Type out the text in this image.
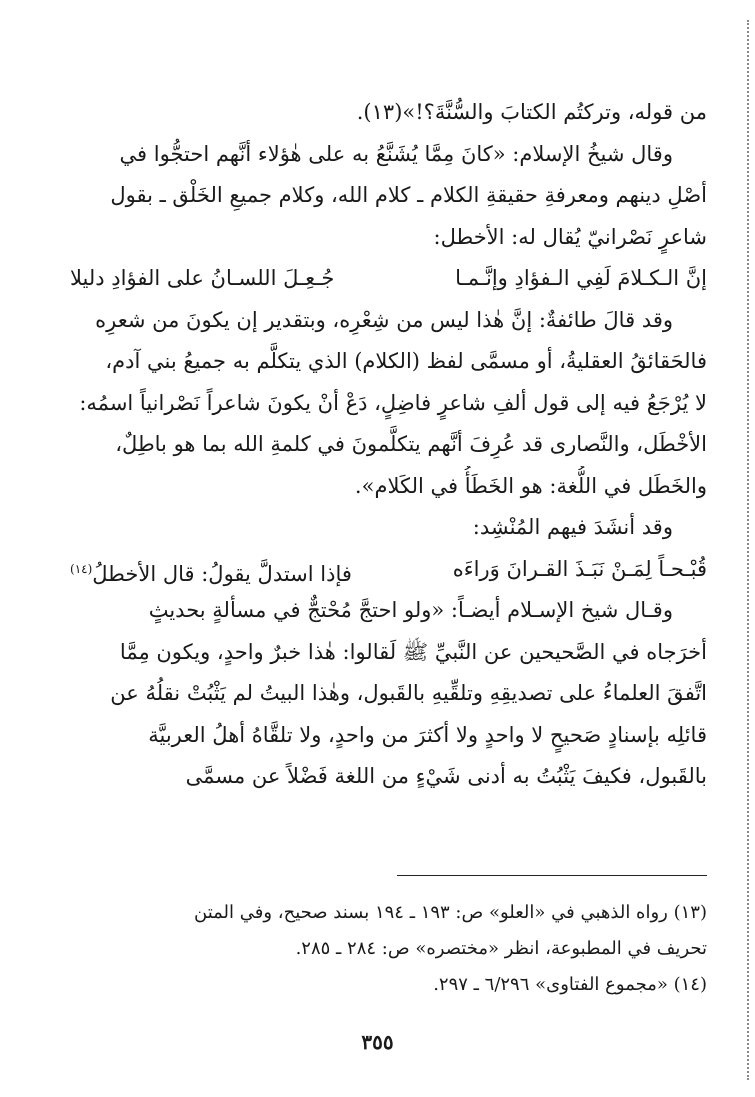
من قوله، وتركتُم الكتابَ والسُّنَّةَ؟!»(١٣).
وقال شيخُ الإسلام: «كانَ مِمَّا يُشَنَّعُ به على هٰؤلاء أنَّهم احتجُّوا في
أصْلِ دينهم ومعرفةِ حقيقةِ الكلام ـ كلام الله، وكلام جميعِ الخَلْق ـ بقول
شاعرٍ نَصْرانيّ يُقال له: الأخطل:
إنَّ الـكـلامَ لَفِي الـفؤادِ وإنَّـمـا
جُـعِـلَ اللسـانُ على الفؤادِ دليلا
وقد قالَ طائفةٌ: إنَّ هٰذا ليس من شِعْرِه، وبتقدير إن يكونَ من شعرِه
فالحَقائقُ العقليةُ، أو مسمَّى لفظ (الكلام) الذي يتكلَّم به جميعُ بني آدم،
لا يُرْجَعُ فيه إلى قول ألفِ شاعرٍ فاضِلٍ، دَعْ أنْ يكونَ شاعراً نَصْرانياً اسمُه:
الأخْطَل، والنَّصارى قد عُرِفَ أنَّهم يتكلَّمونَ في كلمةِ الله بما هو باطِلٌ،
والخَطَل في اللُّغة: هو الخَطَأُ في الكَلام».
وقد أنشَدَ فيهم المُنْشِد:
قُبْـحـاً لِمَـنْ نَبَـذَ القـرانَ وَراءَه
فإذا استدلَّ يقولُ: قال الأخطلُ(١٤)
وقـال شيخ الإسـلام أيضـاً: «ولو احتجَّ مُحْتجٌّ في مسألةٍ بحديثٍ
أخرَجاه في الصَّحيحين عن النَّبيِّ ﷺ لَقالوا: هٰذا خبرٌ واحدٍ، ويكون مِمَّا
اتَّفقَ العلماءُ على تصديقِهِ وتلقِّيهِ بالقَبول، وهٰذا البيتُ لم يَثْبُتْ نقلُهُ عن
قائلِه بإسنادٍ صَحيحٍ لا واحدٍ ولا أكثرَ من واحدٍ، ولا تلقَّاهُ أهلُ العربيَّة
بالقَبول، فكيفَ يَثْبُتُ به أدنى شَيْءٍ من اللغة فَضْلاً عن مسمَّى
(١٣) رواه الذهبي في «العلو» ص: ١٩٣ ـ ١٩٤ بسند صحيح، وفي المتن
تحريف في المطبوعة، انظر «مختصره» ص: ٢٨٤ ـ ٢٨٥.
(١٤) «مجموع الفتاوى» ٦/٢٩٦ ـ ٢٩٧.
٣٥٥
